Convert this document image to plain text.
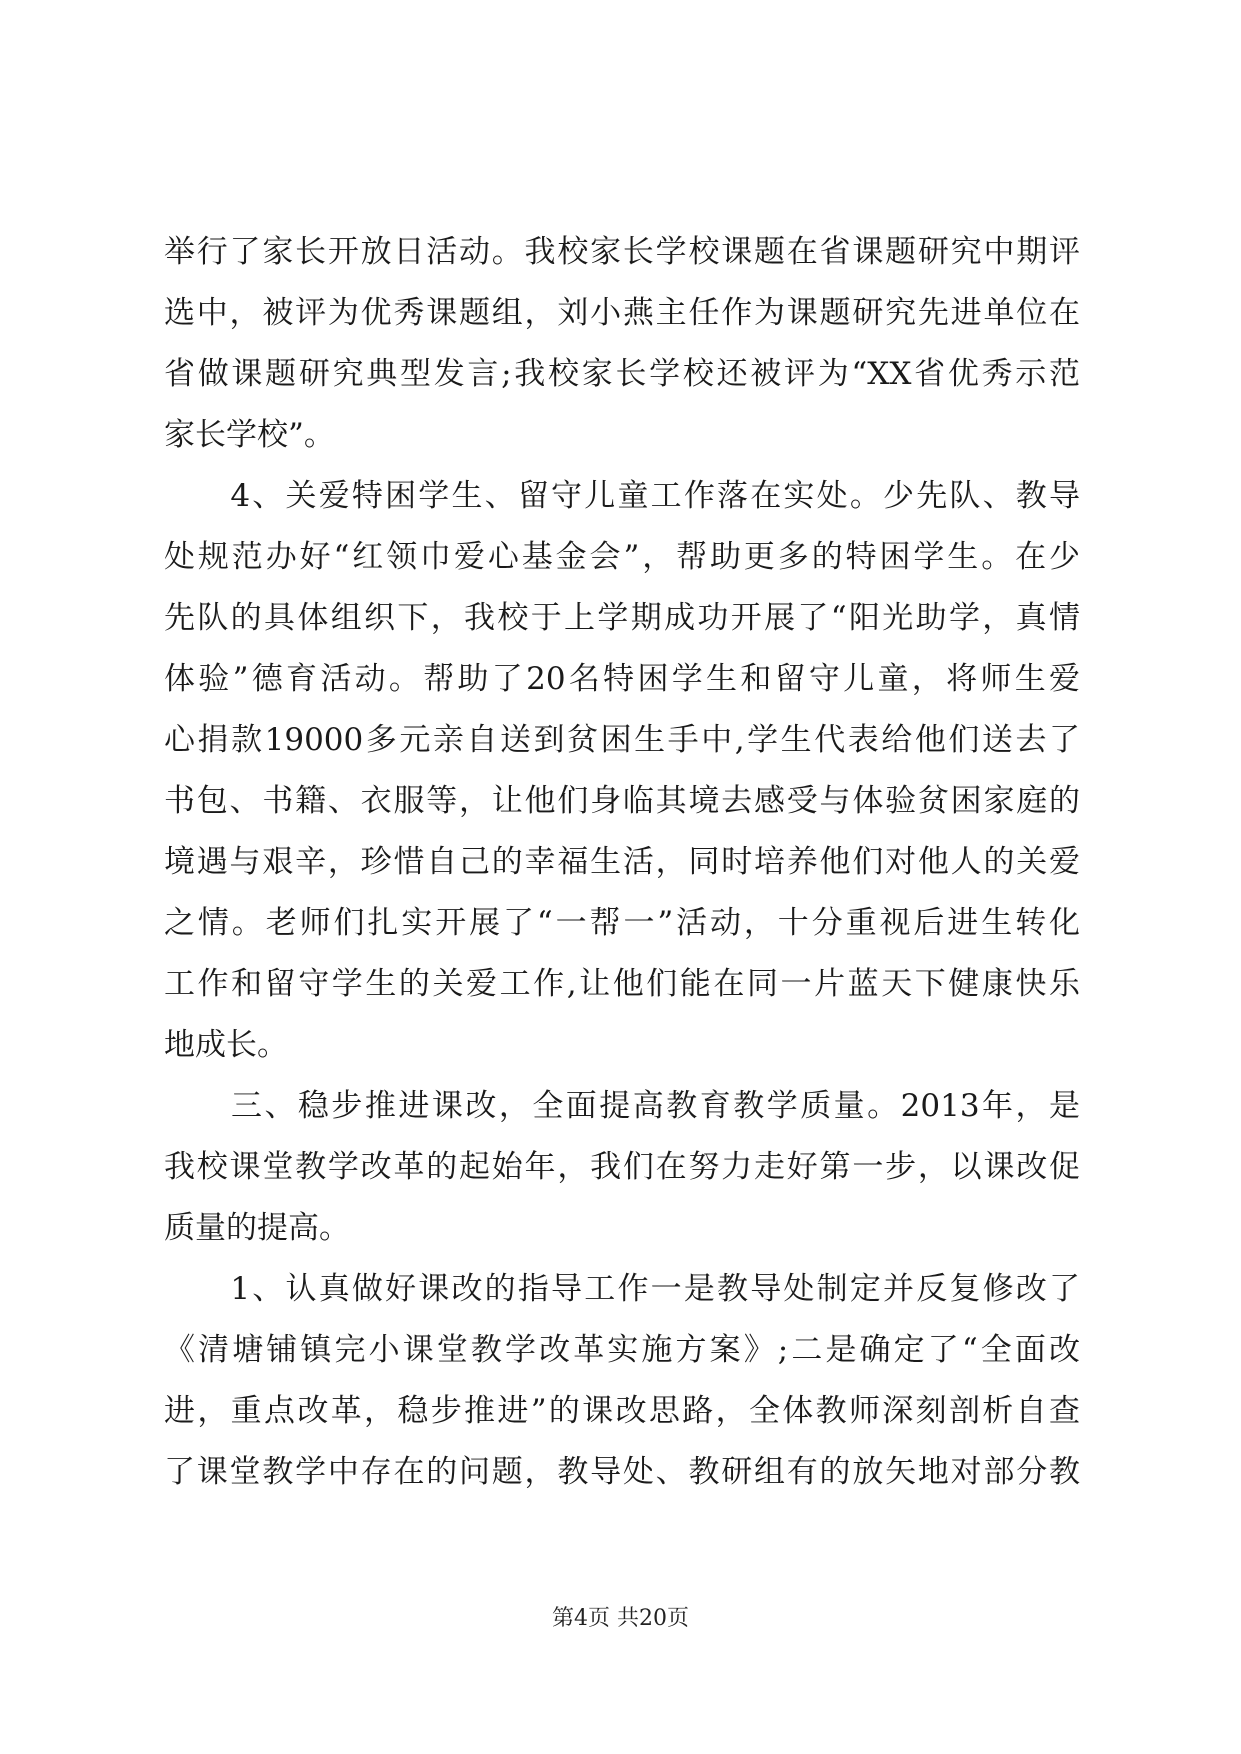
举行了家长开放日活动。我校家长学校课题在省课题研究中期评
选中，被评为优秀课题组，刘小燕主任作为课题研究先进单位在
省做课题研究典型发言;我校家长学校还被评为“XX省优秀示范
家长学校”。
　　4、关爱特困学生、留守儿童工作落在实处。少先队、教导
处规范办好“红领巾爱心基金会”，帮助更多的特困学生。在少
先队的具体组织下，我校于上学期成功开展了“阳光助学，真情
体验”德育活动。帮助了20名特困学生和留守儿童，将师生爱
心捐款19000多元亲自送到贫困生手中,学生代表给他们送去了
书包、书籍、衣服等，让他们身临其境去感受与体验贫困家庭的
境遇与艰辛，珍惜自己的幸福生活，同时培养他们对他人的关爱
之情。老师们扎实开展了“一帮一”活动，十分重视后进生转化
工作和留守学生的关爱工作,让他们能在同一片蓝天下健康快乐
地成长。
　　三、稳步推进课改，全面提高教育教学质量。2013年，是
我校课堂教学改革的起始年，我们在努力走好第一步，以课改促
质量的提高。
　　1、认真做好课改的指导工作一是教导处制定并反复修改了
《清塘铺镇完小课堂教学改革实施方案》;二是确定了“全面改
进，重点改革，稳步推进”的课改思路，全体教师深刻剖析自查
了课堂教学中存在的问题，教导处、教研组有的放矢地对部分教
第4页 共20页
